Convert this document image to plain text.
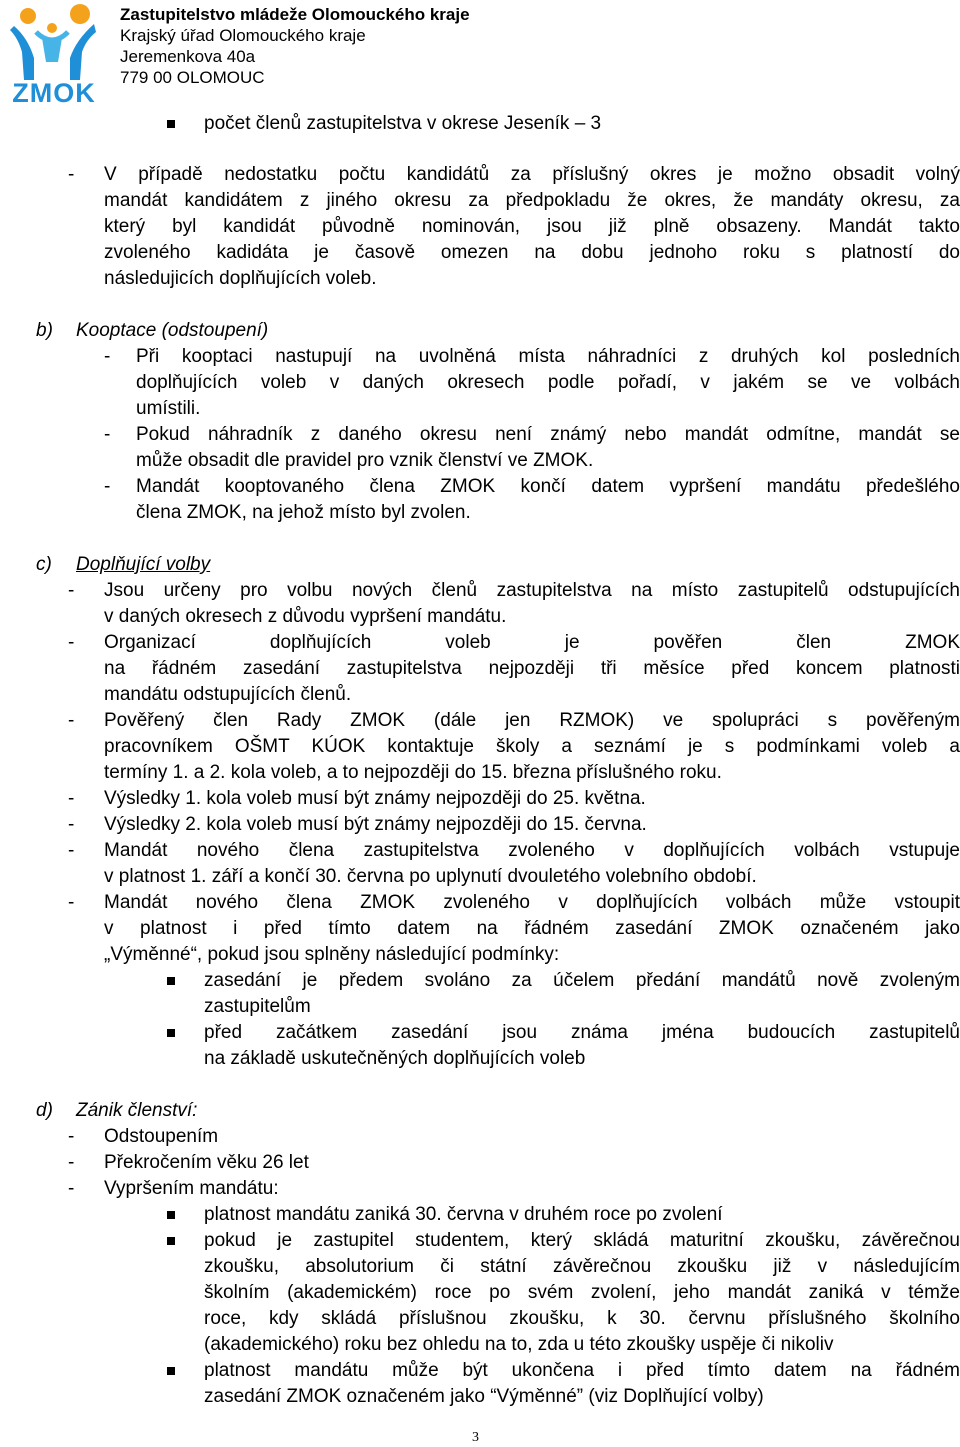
ZMOK
Zastupitelstvo mládeže Olomouckého kraje
Krajský úřad Olomouckého kraje
Jeremenkova 40a
779 00 OLOMOUC
počet členů zastupitelstva v okrese Jeseník – 3
- V případě nedostatku počtu kandidátů za příslušný okres je možno obsadit volný
mandát kandidátem z jiného okresu za předpokladu že okres, že mandáty okresu, za
který byl kandidát původně nominován, jsou již plně obsazeny. Mandát takto
zvoleného kadidáta je časově omezen na dobu jednoho roku s platností do
následujicích doplňujících voleb.
b) Kooptace (odstoupení)
- Při kooptaci nastupují na uvolněná místa náhradníci z druhých kol posledních
doplňujících voleb v daných okresech podle pořadí, v jakém se ve volbách
umístili.
- Pokud náhradník z daného okresu není známý nebo mandát odmítne, mandát se
může obsadit dle pravidel pro vznik členství ve ZMOK.
- Mandát kooptovaného člena ZMOK končí datem vypršení mandátu předešlého
člena ZMOK, na jehož místo byl zvolen.
c) Doplňující volby
- Jsou určeny pro volbu nových členů zastupitelstva na místo zastupitelů odstupujících
v daných okresech z důvodu vypršení mandátu.
- Organizací doplňujících voleb je pověřen člen ZMOK
na řádném zasedání zastupitelstva nejpozději tři měsíce před koncem platnosti
mandátu odstupujících členů.
- Pověřený člen Rady ZMOK (dále jen RZMOK) ve spolupráci s pověřeným
pracovníkem OŠMT KÚOK kontaktuje školy a seznámí je s podmínkami voleb a
termíny 1. a 2. kola voleb, a to nejpozději do 15. března příslušného roku.
- Výsledky 1. kola voleb musí být známy nejpozději do 25. května.
- Výsledky 2. kola voleb musí být známy nejpozději do 15. června.
- Mandát nového člena zastupitelstva zvoleného v doplňujících volbách vstupuje
v platnost 1. září a končí 30. června po uplynutí dvouletého volebního období.
- Mandát nového člena ZMOK zvoleného v doplňujících volbách může vstoupit
v platnost i před tímto datem na řádném zasedání ZMOK označeném jako
„Výměnné“, pokud jsou splněny následující podmínky:
zasedání je předem svoláno za účelem předání mandátů nově zvoleným
zastupitelům
před začátkem zasedání jsou známa jména budoucích zastupitelů
na základě uskutečněných doplňujících voleb
d) Zánik členství:
- Odstoupením
- Překročením věku 26 let
- Vypršením mandátu:
platnost mandátu zaniká 30. června v druhém roce po zvolení
pokud je zastupitel studentem, který skládá maturitní zkoušku, závěrečnou
zkoušku, absolutorium či státní závěrečnou zkoušku již v následujícím
školním (akademickém) roce po svém zvolení, jeho mandát zaniká v témže
roce, kdy skládá příslušnou zkoušku, k 30. červnu příslušného školního
(akademického) roku bez ohledu na to, zda u této zkoušky uspěje či nikoliv
platnost mandátu může být ukončena i před tímto datem na řádném
zasedání ZMOK označeném jako “Výměnné” (viz Doplňující volby)
3
